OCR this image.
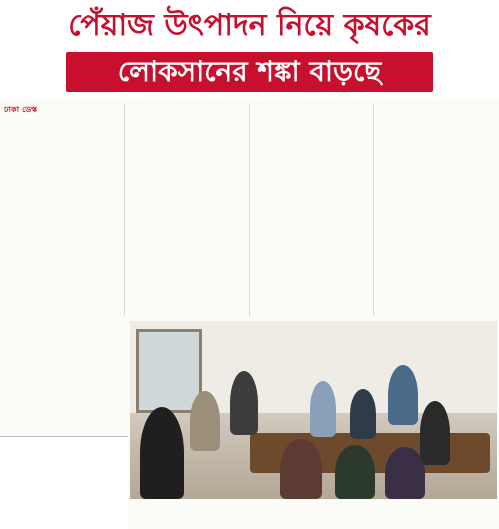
পেঁয়াজ উৎপাদন নিয়ে কৃষকের
লোকসানের শঙ্কা বাড়ছে
ঢাকা ডেস্ক
